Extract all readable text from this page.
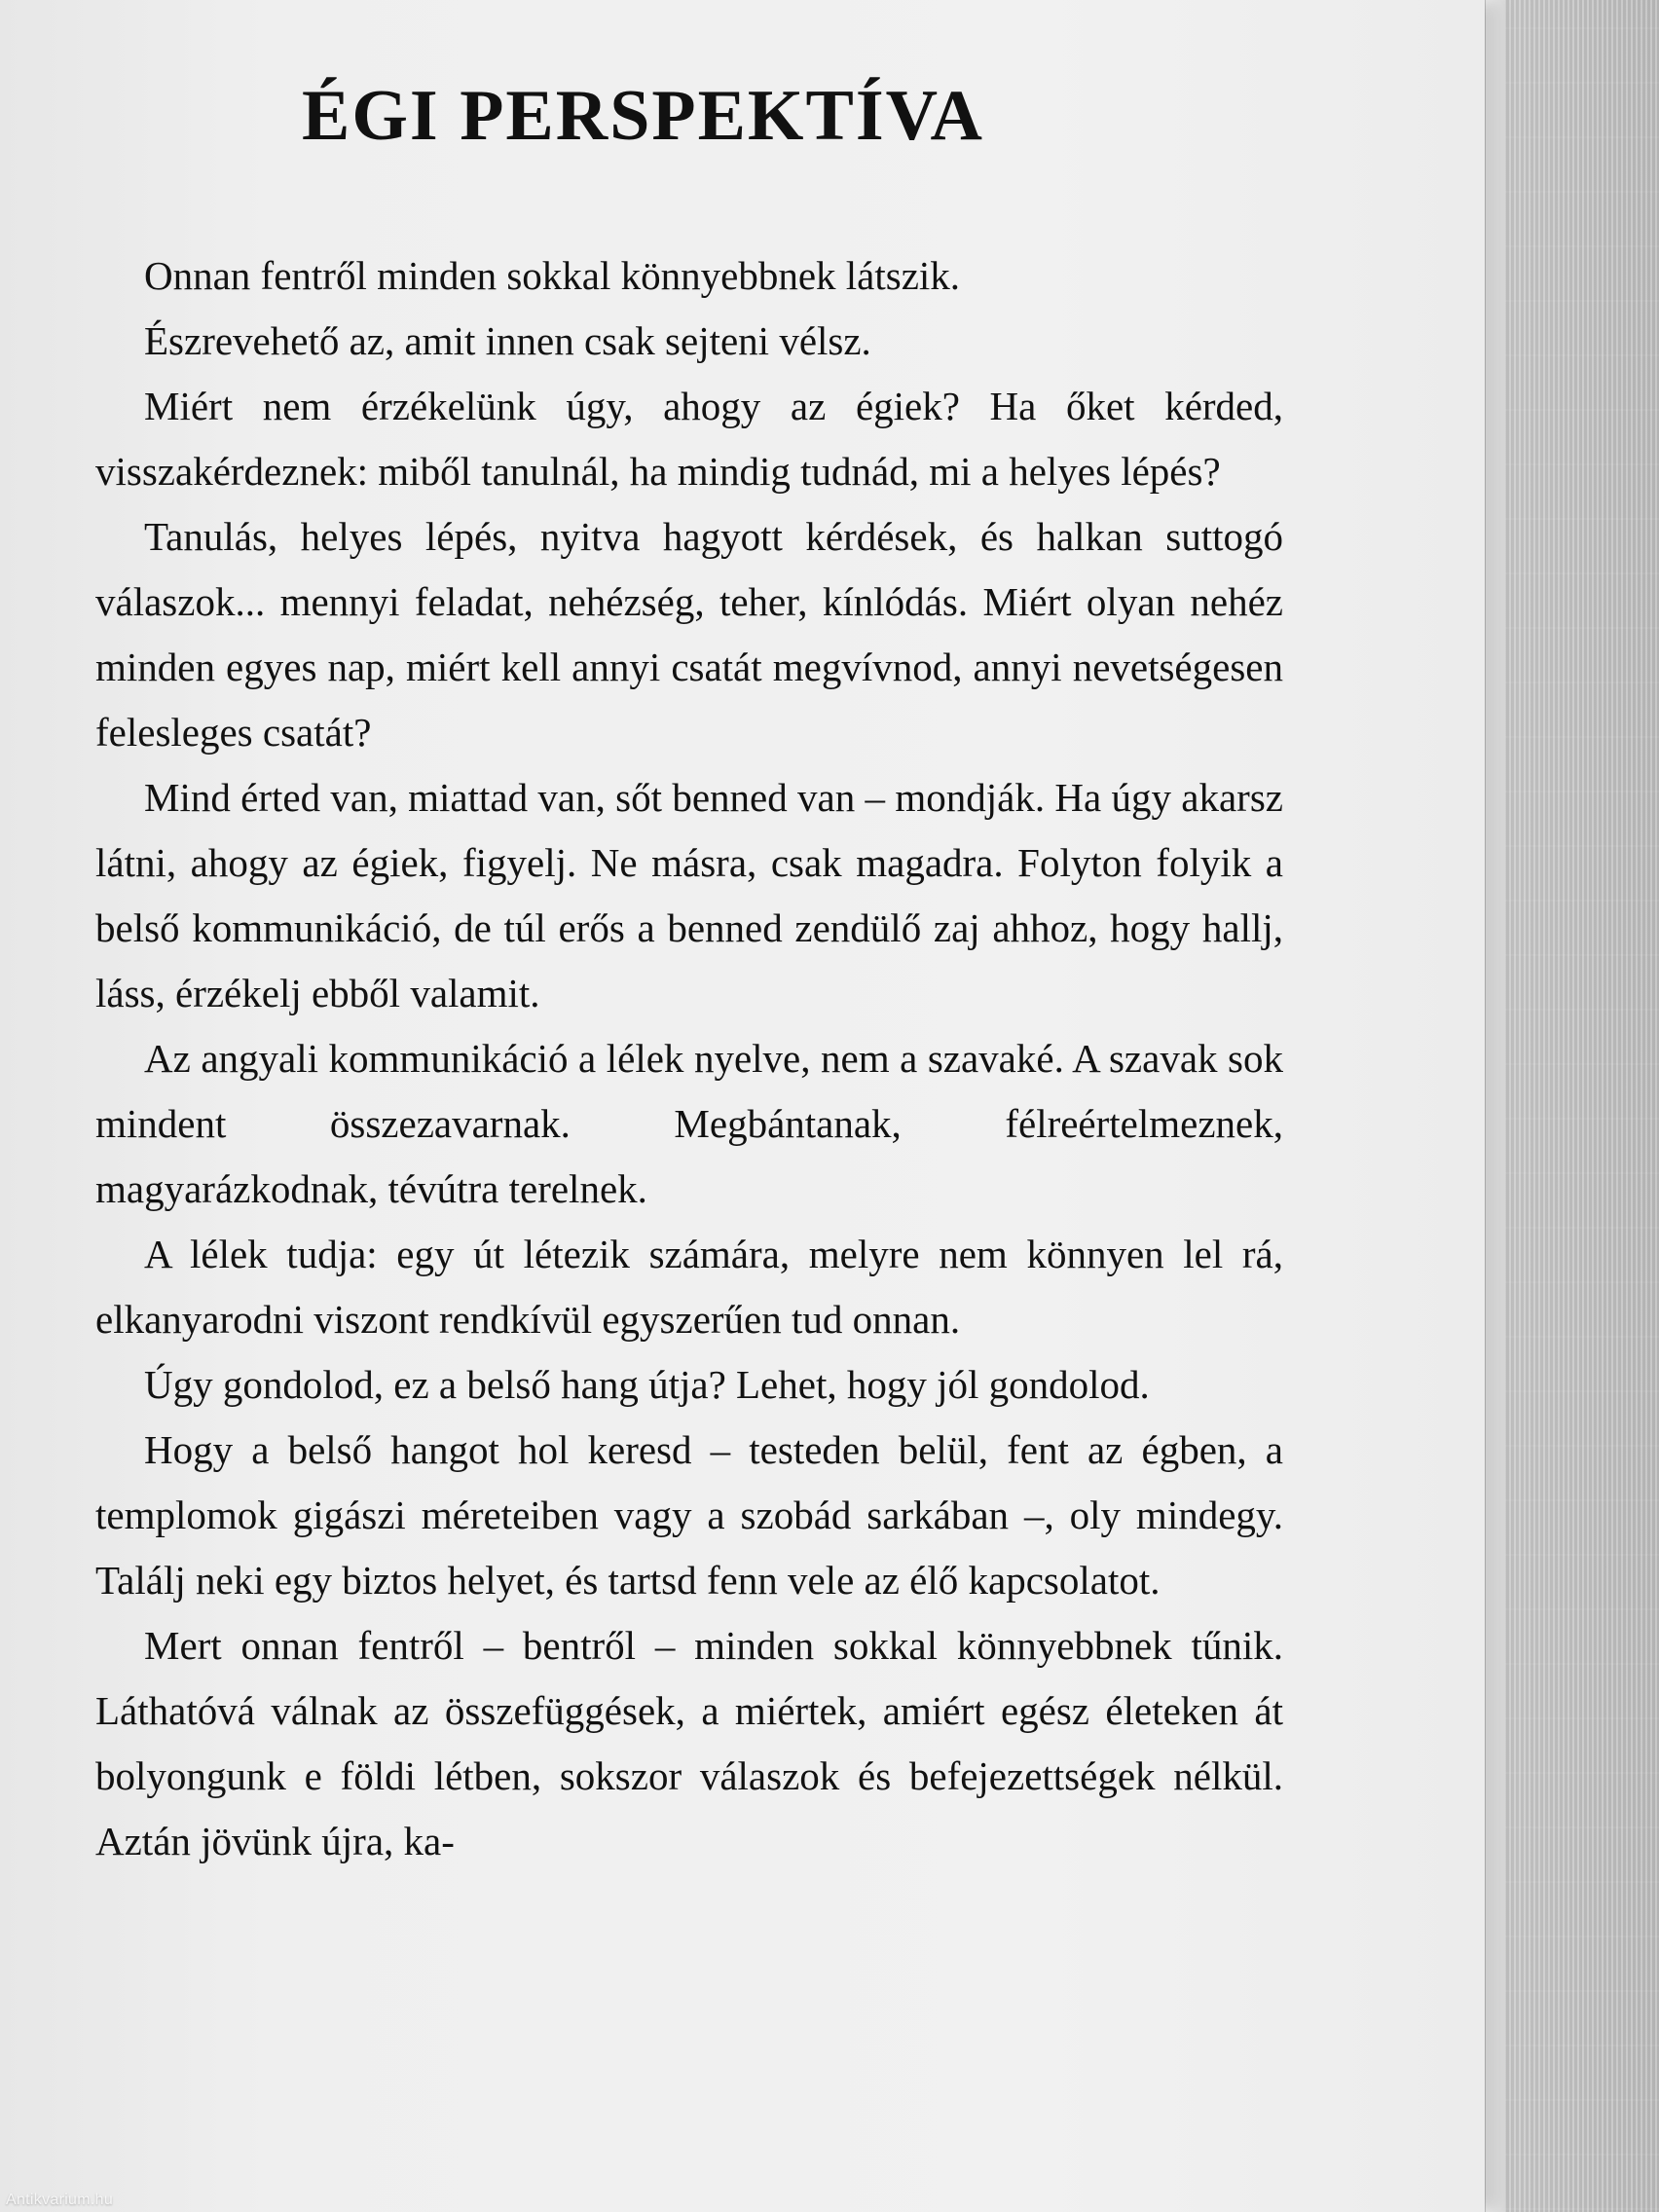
ÉGI PERSPEKTÍVA

Onnan fentről minden sokkal könnyebbnek látszik.

Észrevehető az, amit innen csak sejteni vélsz.

Miért nem érzékelünk úgy, ahogy az égiek? Ha őket kérded, visszakérdeznek: miből tanulnál, ha mindig tudnád, mi a helyes lépés?

Tanulás, helyes lépés, nyitva hagyott kérdések, és halkan suttogó válaszok... mennyi feladat, nehézség, teher, kínlódás. Miért olyan nehéz minden egyes nap, miért kell annyi csatát megvívnod, annyi nevetségesen felesleges csatát?

Mind érted van, miattad van, sőt benned van – mondják. Ha úgy akarsz látni, ahogy az égiek, figyelj. Ne másra, csak magadra. Folyton folyik a belső kommunikáció, de túl erős a benned zendülő zaj ahhoz, hogy hallj, láss, érzékelj ebből valamit.

Az angyali kommunikáció a lélek nyelve, nem a szavaké. A szavak sok mindent összezavarnak. Megbántanak, félreértelmeznek, magyarázkodnak, tévútra terelnek.

A lélek tudja: egy út létezik számára, melyre nem könnyen lel rá, elkanyarodni viszont rendkívül egyszerűen tud onnan.

Úgy gondolod, ez a belső hang útja? Lehet, hogy jól gondolod.

Hogy a belső hangot hol keresd – testeden belül, fent az égben, a templomok gigászi méreteiben vagy a szobád sarkában –, oly mindegy. Találj neki egy biztos helyet, és tartsd fenn vele az élő kapcsolatot.

Mert onnan fentről – bentről – minden sokkal könnyebbnek tűnik. Láthatóvá válnak az összefüggések, a miértek, amiért egész életeken át bolyongunk e földi létben, sokszor válaszok és befejezettségek nélkül. Aztán jövünk újra, ka-

Antikvarium.hu
